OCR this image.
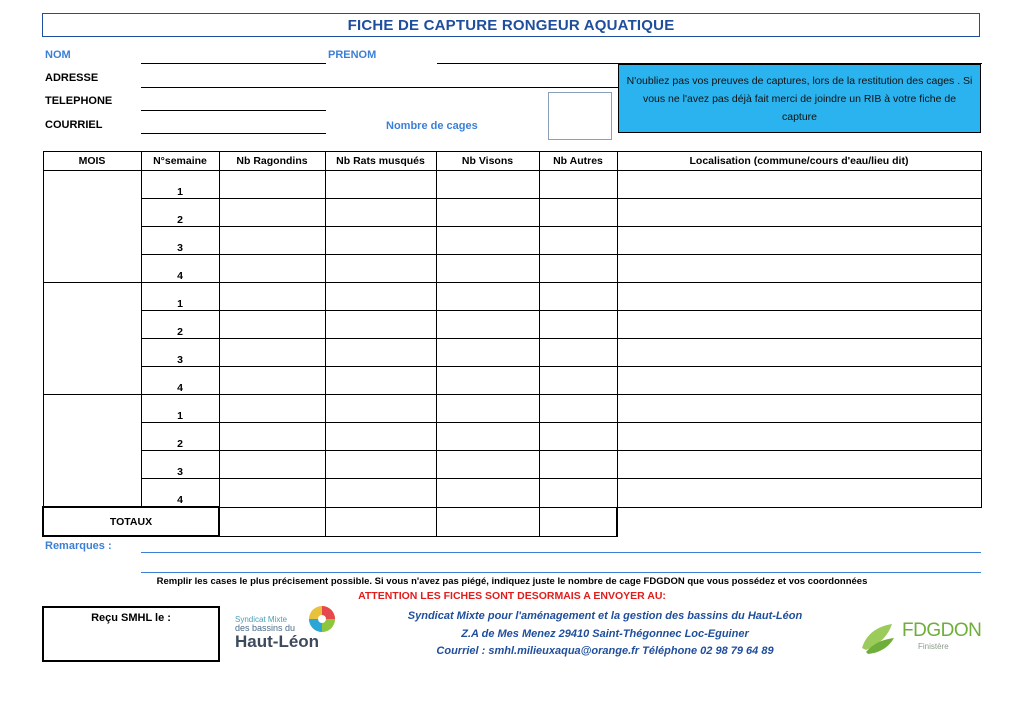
FICHE DE CAPTURE RONGEUR AQUATIQUE
NOM	PRENOM
ADRESSE
TELEPHONE
COURRIEL	Nombre de cages
N'oubliez pas vos preuves de captures, lors de la restitution des cages . Si vous ne l'avez pas déjà fait merci de joindre un RIB à votre fiche de capture
MOIS	N°semaine	Nb Ragondins	Nb Rats musqués	Nb Visons	Nb Autres	Localisation (commune/cours d'eau/lieu dit)
	1					
	2					
	3					
	4					
	1					
	2					
	3					
	4					
	1					
	2					
	3					
	4					
TOTAUX						
Remarques :
Remplir les cases le plus précisement possible. Si vous n'avez pas piégé, indiquez juste le nombre de cage FDGDON que vous possédez et vos coordonnées
ATTENTION LES FICHES SONT DESORMAIS A ENVOYER AU:
Syndicat Mixte pour l'aménagement et la gestion des bassins du Haut-Léon
Z.A de Mes Menez 29410 Saint-Thégonnec Loc-Eguiner
Courriel : smhl.milieuxaqua@orange.fr Téléphone 02 98 79 64 89
Reçu SMHL le :	Syndicat Mixte
des bassins du
Haut-Léon
FDGDON
Finistère
